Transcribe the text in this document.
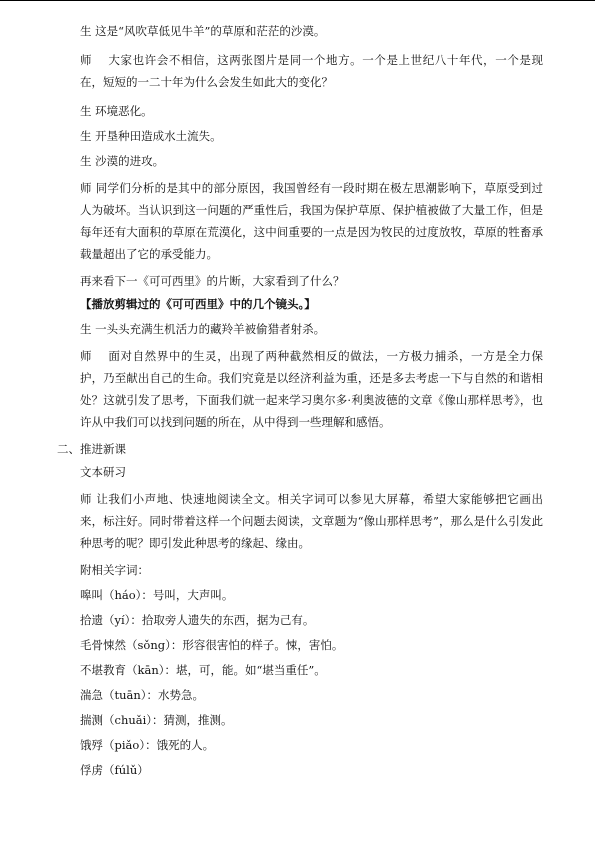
生 这是“风吹草低见牛羊”的草原和茫茫的沙漠。

师 　大家也许会不相信，这两张图片是同一个地方。一个是上世纪八十年代，一个是现在，短短的一二十年为什么会发生如此大的变化？

生 环境恶化。

生 开垦种田造成水土流失。

生 沙漠的进攻。

师 同学们分析的是其中的部分原因，我国曾经有一段时期在极左思潮影响下，草原受到过人为破坏。当认识到这一问题的严重性后，我国为保护草原、保护植被做了大量工作，但是每年还有大面积的草原在荒漠化，这中间重要的一点是因为牧民的过度放牧，草原的牲畜承载量超出了它的承受能力。

再来看下一《可可西里》的片断，大家看到了什么？

【播放剪辑过的《可可西里》中的几个镜头。】

生 一头头充满生机活力的藏羚羊被偷猎者射杀。

师 　面对自然界中的生灵，出现了两种截然相反的做法，一方极力捕杀，一方是全力保护，乃至献出自己的生命。我们究竟是以经济利益为重，还是多去考虑一下与自然的和谐相处？这就引发了思考，下面我们就一起来学习奥尔多·利奥波德的文章《像山那样思考》，也许从中我们可以找到问题的所在，从中得到一些理解和感悟。

二、推进新课

文本研习

师 让我们小声地、快速地阅读全文。相关字词可以参见大屏幕，希望大家能够把它画出来，标注好。同时带着这样一个问题去阅读，文章题为“像山那样思考”，那么是什么引发此种思考的呢？即引发此种思考的缘起、缘由。

附相关字词：

嗥叫（háo）：号叫，大声叫。

拾遗（yí）：拾取旁人遗失的东西，据为己有。

毛骨悚然（sǒng）：形容很害怕的样子。悚，害怕。

不堪教育（kān）：堪，可，能。如“堪当重任”。

湍急（tuān）：水势急。

揣测（chuǎi）：猜测，推测。

饿殍（piǎo）：饿死的人。

俘虏（fúlǔ）
